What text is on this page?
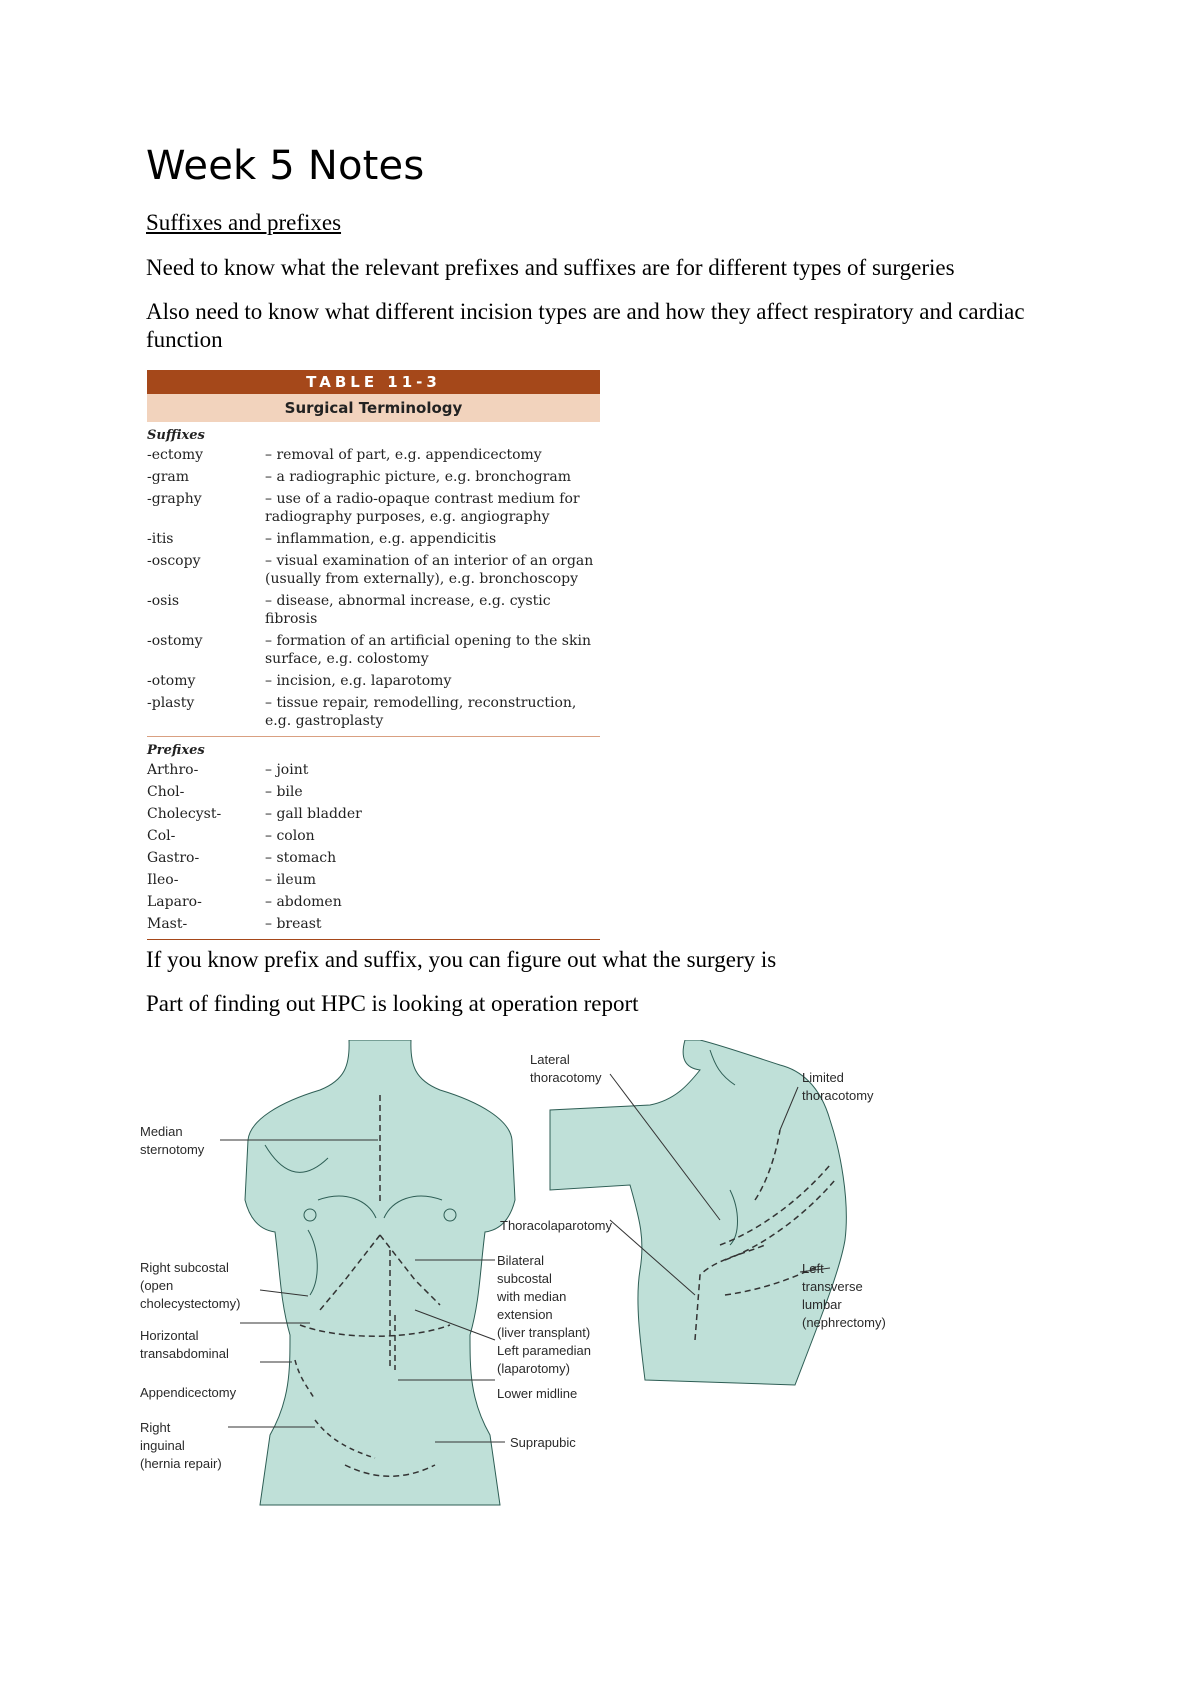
Week 5 Notes
Suffixes and prefixes

Need to know what the relevant prefixes and suffixes are for different types of surgeries

Also need to know what different incision types are and how they affect respiratory and cardiac function

TABLE 11-3
Surgical Terminology
Suffixes
-ectomy	– removal of part, e.g. appendicectomy
-gram	– a radiographic picture, e.g. bronchogram
-graphy	– use of a radio-opaque contrast medium for radiography purposes, e.g. angiography
-itis	– inflammation, e.g. appendicitis
-oscopy	– visual examination of an interior of an organ (usually from externally), e.g. bronchoscopy
-osis	– disease, abnormal increase, e.g. cystic fibrosis
-ostomy	– formation of an artificial opening to the skin surface, e.g. colostomy
-otomy	– incision, e.g. laparotomy
-plasty	– tissue repair, remodelling, reconstruction, e.g. gastroplasty
Prefixes
Arthro-	– joint
Chol-	– bile
Cholecyst-	– gall bladder
Col-	– colon
Gastro-	– stomach
Ileo-	– ileum
Laparo-	– abdomen
Mast-	– breast

If you know prefix and suffix, you can figure out what the surgery is

Part of finding out HPC is looking at operation report

Median sternotomy
Right subcostal (open cholecystectomy)
Horizontal transabdominal
Appendicectomy
Right inguinal (hernia repair)
Bilateral subcostal with median extension (liver transplant)
Left paramedian (laparotomy)
Lower midline
Suprapubic
Lateral thoracotomy	Limited thoracotomy
Thoracolaparotomy
Left transverse lumbar (nephrectomy)
